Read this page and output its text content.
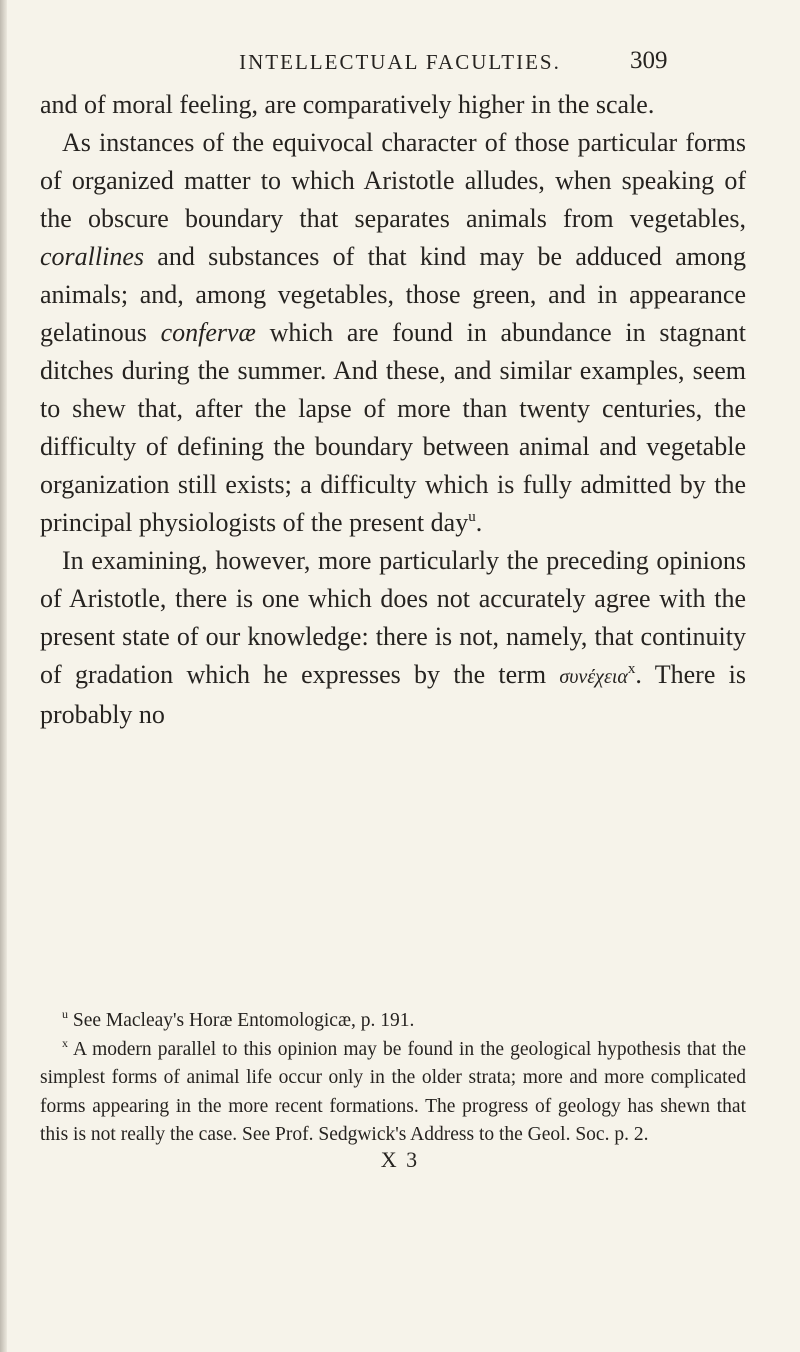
INTELLECTUAL FACULTIES.	309

and of moral feeling, are comparatively higher in the scale.

As instances of the equivocal character of those particular forms of organized matter to which Aristotle alludes, when speaking of the obscure boundary that separates animals from vegetables, corallines and substances of that kind may be adduced among animals; and, among vegetables, those green, and in appearance gelatinous confervæ which are found in abundance in stagnant ditches during the summer. And these, and similar examples, seem to shew that, after the lapse of more than twenty centuries, the difficulty of defining the boundary between animal and vegetable organization still exists; a difficulty which is fully admitted by the principal physiologists of the present day$^u$.

In examining, however, more particularly the preceding opinions of Aristotle, there is one which does not accurately agree with the present state of our knowledge: there is not, namely, that continuity of gradation which he expresses by the term συνέχεια$^x$. There is probably no

$^u$ See Macleay's Horæ Entomologicæ, p. 191.

$^x$ A modern parallel to this opinion may be found in the geological hypothesis that the simplest forms of animal life occur only in the older strata; more and more complicated forms appearing in the more recent formations. The progress of geology has shewn that this is not really the case. See Prof. Sedgwick's Address to the Geol. Soc. p. 2.

X 3
